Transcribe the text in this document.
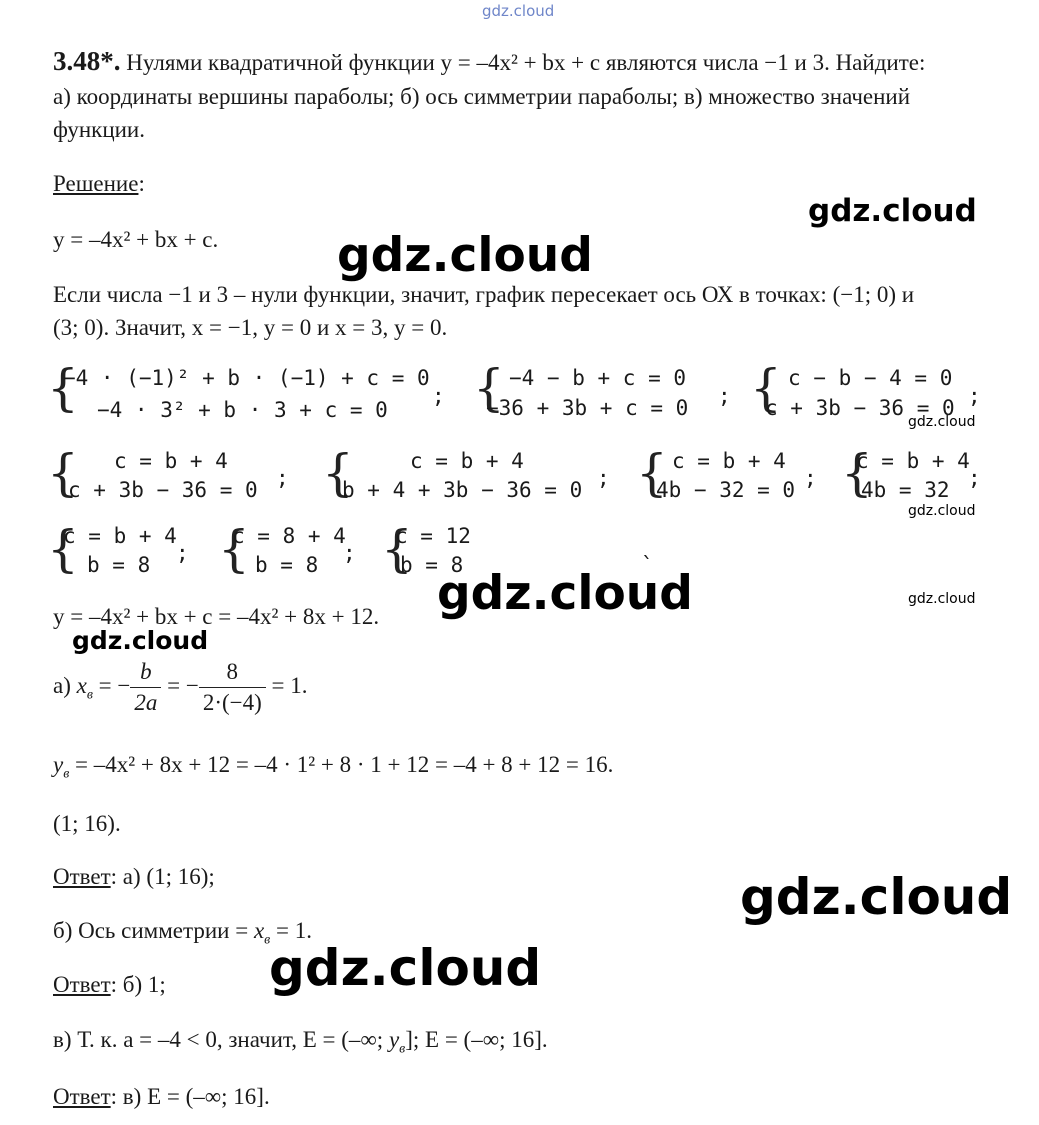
gdz.cloud
gdz.cloud
gdz.cloud
gdz.cloud
gdz.cloud
gdz.cloud
gdz.cloud
gdz.cloud
gdz.cloud
gdz.cloud
3.48*. Нулями квадратичной функции y = –4x² + bx + c являются числа −1 и 3. Найдите:
а) координаты вершины параболы; б) ось симметрии параболы; в) множество значений
функции.
Решение:
y = –4x² + bx + c.
Если числа −1 и 3 – нули функции, значит, график пересекает ось ОХ в точках: (−1; 0) и
(3; 0). Значит, x = −1, y = 0 и x = 3, y = 0.
{
−4 · (−1)² + b · (−1) + c = 0
−4 · 3² + b · 3 + c = 0
; { −4 − b + c = 0
−36 + 3b + c = 0 ; { c − b − 4 = 0
c + 3b − 36 = 0 ;
{ c = b + 4
c + 3b − 36 = 0 ; {	c = b + 4
b + 4 + 3b − 36 = 0 ; { c = b + 4
4b − 32 = 0 ; {
c = b + 4
4b = 32 ;
{
c = b + 4
b = 8 ; {
c = 8 + 4
b = 8 ; {
c = 12
b = 8
ˎ
y = –4x² + bx + c = –4x² + 8x + 12.
а) $x_в$ = − $\frac{b}{2a}$ = − $\frac{8}{2\cdot(-4)} = 1$.
$y_в = -4x^2 + 8x + 12 = -4 \cdot 1^2 + 8 \cdot 1 + 12 = -4 + 8 + 12 = 16$.
(1; 16).
Ответ: а) (1; 16);
б) Ось симметрии = $x_в = 1$.
Ответ: б) 1;
в) Т. к. a = –4 < 0, значит, E = (–∞; $y_в$]; E = (–∞; 16].
Ответ: в) E = (–∞; 16].
